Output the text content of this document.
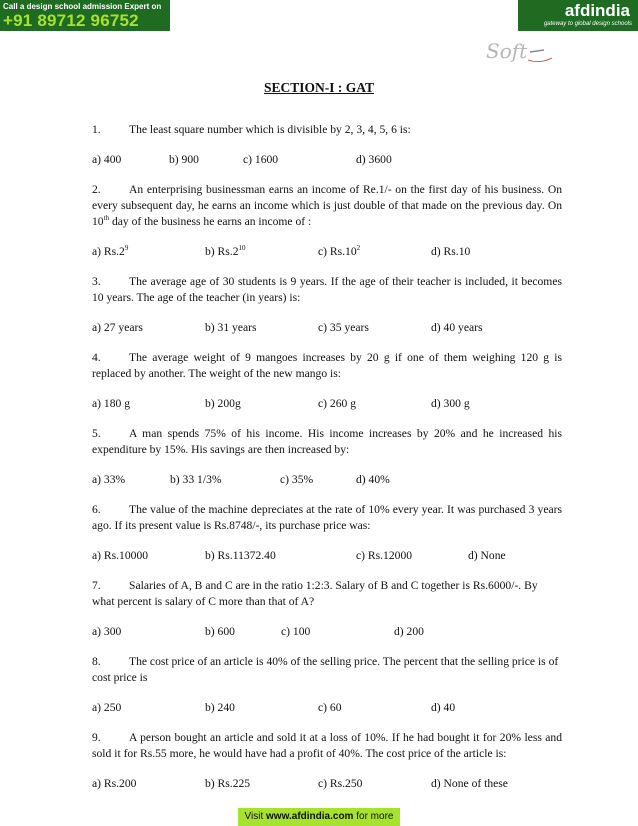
Call a design school admission Expert on
+91 89712 96752
afdindia
gateway to global design schools
Soft
SECTION-I : GAT
1. The least square number which is divisible by 2, 3, 4, 5, 6 is:
a) 400	b) 900	c) 1600	d) 3600
2. An enterprising businessman earns an income of Re.1/- on the first day of his business. On every subsequent day, he earns an income which is just double of that made on the previous day. On 10th day of the business he earns an income of :
a) $Rs.2^9$	b) $Rs.2^{10}$	c) $Rs.10^2$	d) Rs.10
3. The average age of 30 students is 9 years. If the age of their teacher is included, it becomes 10 years. The age of the teacher (in years) is:
a) 27 years	b) 31 years	c) 35 years	d) 40 years
4. The average weight of 9 mangoes increases by 20 g if one of them weighing 120 g is replaced by another. The weight of the new mango is:
a) 180 g	b) 200g	c) 260 g	d) 300 g
5. A man spends 75% of his income. His income increases by 20% and he increased his expenditure by 15%. His savings are then increased by:
a) 33%	b) 33 1/3%	c) 35%	d) 40%
6. The value of the machine depreciates at the rate of 10% every year. It was purchased 3 years ago. If its present value is Rs.8748/-, its purchase price was:
a) Rs.10000	b) Rs.11372.40	c) Rs.12000	d) None
7. Salaries of A, B and C are in the ratio 1:2:3. Salary of B and C together is Rs.6000/-. By what percent is salary of C more than that of A?
a) 300	b) 600	c) 100	d) 200
8. The cost price of an article is 40% of the selling price. The percent that the selling price is of cost price is
a) 250	b) 240	c) 60	d) 40
9. A person bought an article and sold it at a loss of 10%. If he had bought it for 20% less and sold it for Rs.55 more, he would have had a profit of 40%. The cost price of the article is:
a) Rs.200	b) Rs.225	c) Rs.250	d) None of these
Visit www.afdindia.com for more
